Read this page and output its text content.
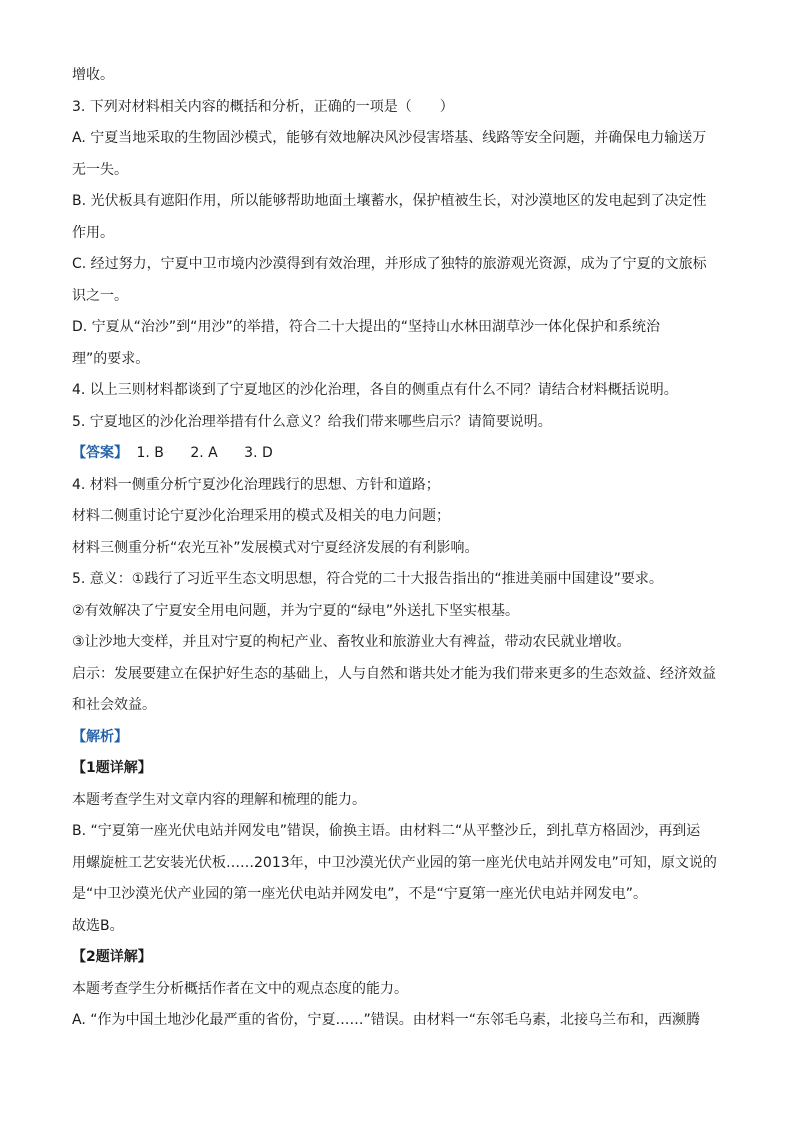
增收。
3. 下列对材料相关内容的概括和分析，正确的一项是（　　）
A. 宁夏当地采取的生物固沙模式，能够有效地解决风沙侵害塔基、线路等安全问题，并确保电力输送万
无一失。
B. 光伏板具有遮阳作用，所以能够帮助地面土壤蓄水，保护植被生长，对沙漠地区的发电起到了决定性
作用。
C. 经过努力，宁夏中卫市境内沙漠得到有效治理，并形成了独特的旅游观光资源，成为了宁夏的文旅标
识之一。
D. 宁夏从“治沙”到“用沙”的举措，符合二十大提出的“坚持山水林田湖草沙一体化保护和系统治
理”的要求。
4. 以上三则材料都谈到了宁夏地区的沙化治理，各自的侧重点有什么不同？请结合材料概括说明。
5. 宁夏地区的沙化治理举措有什么意义？给我们带来哪些启示？请简要说明。
【答案】 1. B 2. A 3. D
4. 材料一侧重分析宁夏沙化治理践行的思想、方针和道路；
材料二侧重讨论宁夏沙化治理采用的模式及相关的电力问题；
材料三侧重分析“农光互补”发展模式对宁夏经济发展的有利影响。
5. 意义：①践行了习近平生态文明思想，符合党的二十大报告指出的“推进美丽中国建设”要求。
②有效解决了宁夏安全用电问题，并为宁夏的“绿电”外送扎下坚实根基。
③让沙地大变样，并且对宁夏的枸杞产业、畜牧业和旅游业大有裨益，带动农民就业增收。
启示：发展要建立在保护好生态的基础上，人与自然和谐共处才能为我们带来更多的生态效益、经济效益
和社会效益。
【解析】
【1题详解】
本题考查学生对文章内容的理解和梳理的能力。
B. “宁夏第一座光伏电站并网发电”错误，偷换主语。由材料二“从平整沙丘，到扎草方格固沙，再到运
用螺旋桩工艺安装光伏板……2013年，中卫沙漠光伏产业园的第一座光伏电站并网发电”可知，原文说的
是“中卫沙漠光伏产业园的第一座光伏电站并网发电”，不是“宁夏第一座光伏电站并网发电”。
故选B。
【2题详解】
本题考查学生分析概括作者在文中的观点态度的能力。
A. “作为中国土地沙化最严重的省份，宁夏……”错误。由材料一“东邻毛乌素，北接乌兰布和，西濒腾
